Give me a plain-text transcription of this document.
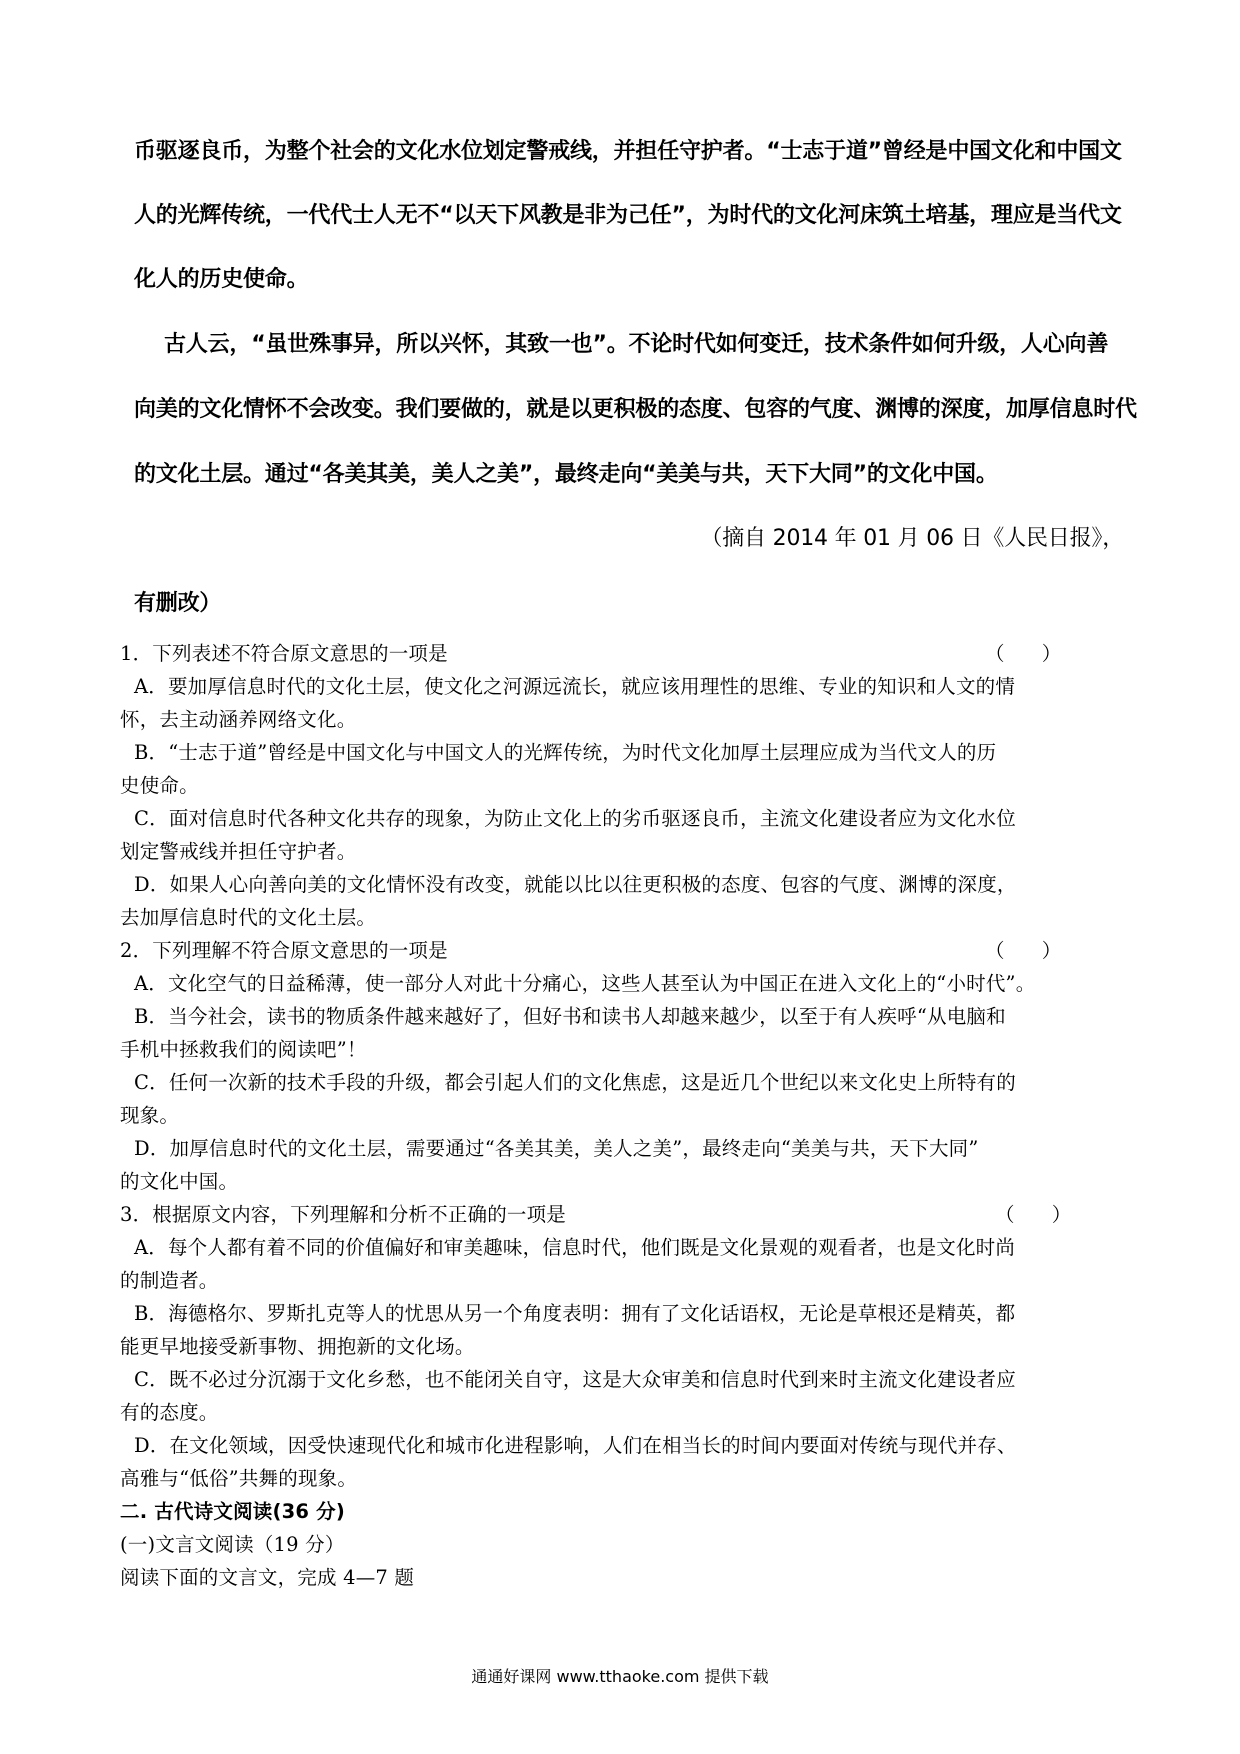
币驱逐良币，为整个社会的文化水位划定警戒线，并担任守护者。“士志于道”曾经是中国文化和中国文
人的光辉传统，一代代士人无不“以天下风教是非为己任”，为时代的文化河床筑土培基，理应是当代文
化人的历史使命。
古人云，“虽世殊事异，所以兴怀，其致一也”。不论时代如何变迁，技术条件如何升级，人心向善
向美的文化情怀不会改变。我们要做的，就是以更积极的态度、包容的气度、渊博的深度，加厚信息时代
的文化土层。通过“各美其美，美人之美”，最终走向“美美与共，天下大同”的文化中国。
（摘自 2014 年 01 月 06 日《人民日报》，
有删改）
1．下列表述不符合原文意思的一项是	（      ）
A．要加厚信息时代的文化土层，使文化之河源远流长，就应该用理性的思维、专业的知识和人文的情
怀，去主动涵养网络文化。
B．“士志于道”曾经是中国文化与中国文人的光辉传统，为时代文化加厚土层理应成为当代文人的历
史使命。
C．面对信息时代各种文化共存的现象，为防止文化上的劣币驱逐良币，主流文化建设者应为文化水位
划定警戒线并担任守护者。
D．如果人心向善向美的文化情怀没有改变，就能以比以往更积极的态度、包容的气度、渊博的深度，
去加厚信息时代的文化土层。
2．下列理解不符合原文意思的一项是	（      ）
A．文化空气的日益稀薄，使一部分人对此十分痛心，这些人甚至认为中国正在进入文化上的“小时代”。
B．当今社会，读书的物质条件越来越好了，但好书和读书人却越来越少，以至于有人疾呼“从电脑和
手机中拯救我们的阅读吧”！
C．任何一次新的技术手段的升级，都会引起人们的文化焦虑，这是近几个世纪以来文化史上所特有的
现象。
D．加厚信息时代的文化土层，需要通过“各美其美，美人之美”，最终走向“美美与共，天下大同”
的文化中国。
3．根据原文内容，下列理解和分析不正确的一项是	（      ）
A．每个人都有着不同的价值偏好和审美趣味，信息时代，他们既是文化景观的观看者，也是文化时尚
的制造者。
B．海德格尔、罗斯扎克等人的忧思从另一个角度表明：拥有了文化话语权，无论是草根还是精英，都
能更早地接受新事物、拥抱新的文化场。
C．既不必过分沉溺于文化乡愁，也不能闭关自守，这是大众审美和信息时代到来时主流文化建设者应
有的态度。
D．在文化领域，因受快速现代化和城市化进程影响，人们在相当长的时间内要面对传统与现代并存、
高雅与“低俗”共舞的现象。
二. 古代诗文阅读(36 分)
(一)文言文阅读（19 分）
阅读下面的文言文，完成 4—7 题
通通好课网 www.tthaoke.com 提供下载
